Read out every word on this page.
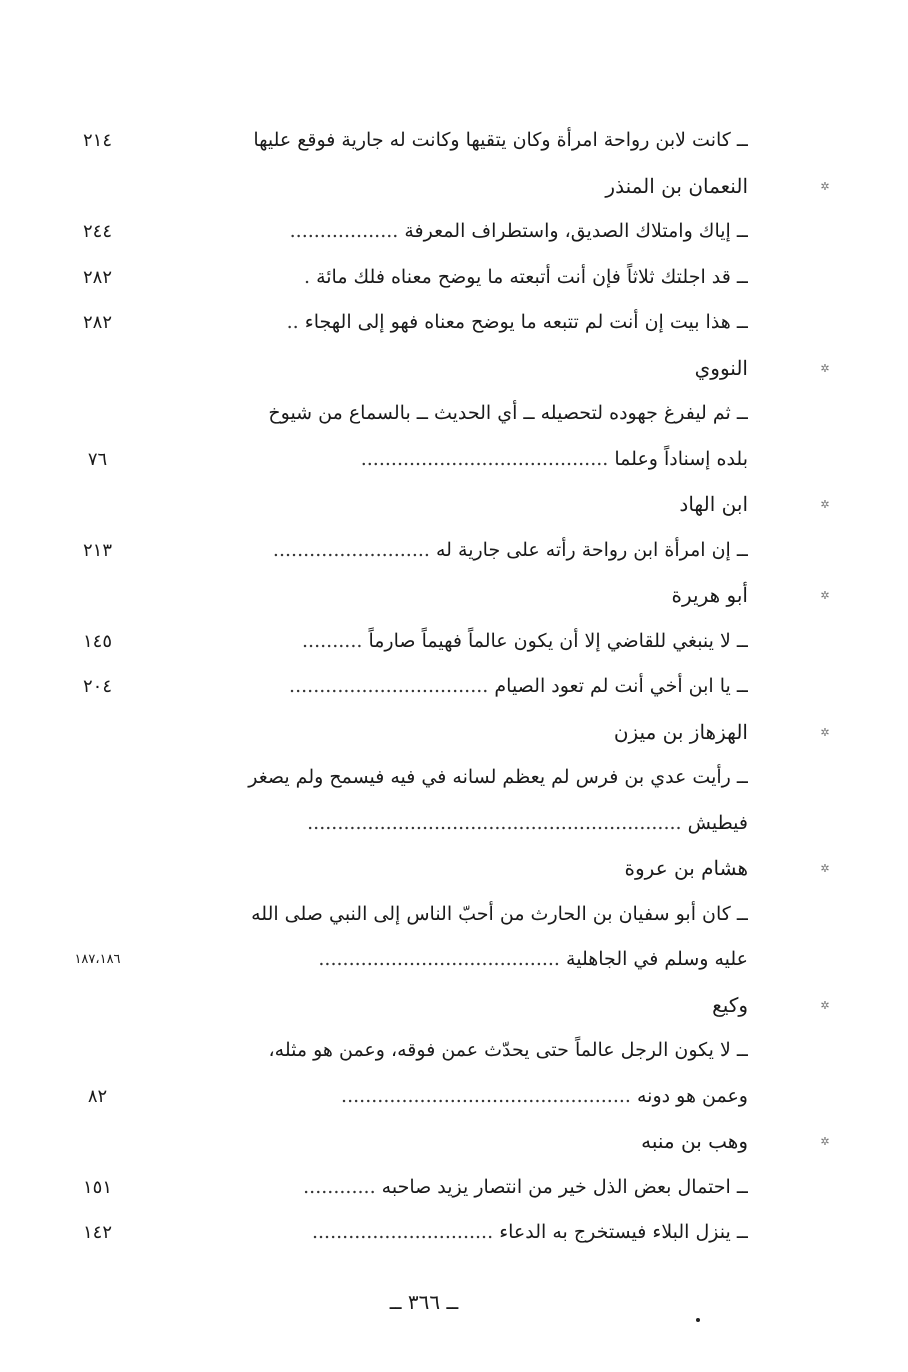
ــ كانت لابن رواحة امرأة وكان يتقيها وكانت له جارية فوقع عليها
٢١٤
✲
النعمان بن المنذر
ــ إياك وامتلاك الصديق، واستطراف المعرفة ..................
٢٤٤
ــ قد اجلتك ثلاثاً فإن أنت أتبعته ما يوضح معناه فلك مائة .
٢٨٢
ــ هذا بيت إن أنت لم تتبعه ما يوضح معناه فهو إلى الهجاء ..
٢٨٢
✲
النووي
ــ ثم ليفرغ جهوده لتحصيله ــ أي الحديث ــ بالسماع من شيوخ
بلده إسناداً وعلما .........................................
٧٦
✲
ابن الهاد
ــ إن امرأة ابن رواحة رأته على جارية له ..........................
٢١٣
✲
أبو هريرة
ــ لا ينبغي للقاضي إلا أن يكون عالماً فهيماً صارماً ..........
١٤٥
ــ يا ابن أخي أنت لم تعود الصيام .................................
٢٠٤
✲
الهزهاز بن ميزن
ــ رأيت عدي بن فرس لم يعظم لسانه في فيه فيسمح ولم يصغر
فيطيش ..............................................................
✲
هشام بن عروة
ــ كان أبو سفيان بن الحارث من أحبّ الناس إلى النبي صلى الله
عليه وسلم في الجاهلية ........................................
١٨٧،١٨٦
✲
وكيع
ــ لا يكون الرجل عالماً حتى يحدّث عمن فوقه، وعمن هو مثله،
وعمن هو دونه ................................................
٨٢
✲
وهب بن منبه
ــ احتمال بعض الذل خير من انتصار يزيد صاحبه ............
١٥١
ــ ينزل البلاء فيستخرج به الدعاء ..............................
١٤٢
ــ ٣٦٦ ــ
